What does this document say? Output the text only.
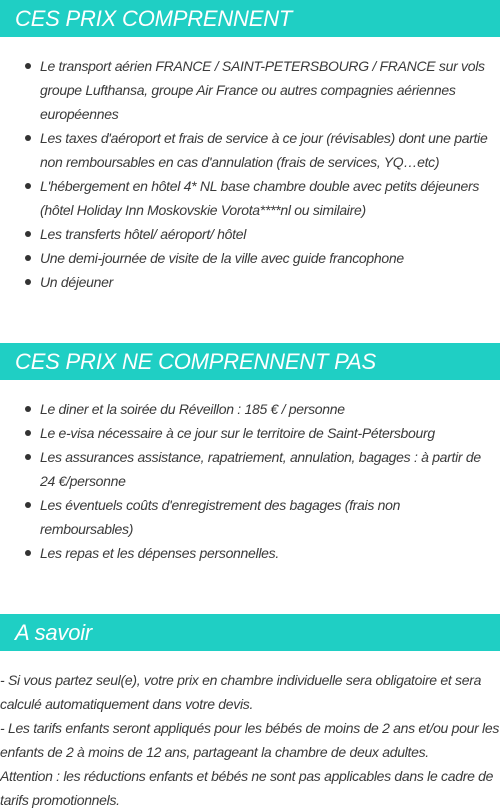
CES PRIX COMPRENNENT
Le transport aérien FRANCE / SAINT-PETERSBOURG / FRANCE sur vols groupe Lufthansa, groupe Air France ou autres compagnies aériennes européennes
Les taxes d'aéroport et frais de service à ce jour (révisables) dont une partie non remboursables en cas d'annulation (frais de services, YQ…etc)
L'hébergement en hôtel 4* NL base chambre double avec petits déjeuners (hôtel Holiday Inn Moskovskie Vorota****nl ou similaire)
Les transferts hôtel/ aéroport/ hôtel
Une demi-journée de visite de la ville avec guide francophone
Un déjeuner
CES PRIX NE COMPRENNENT PAS
Le diner et la soirée du Réveillon : 185 € / personne
Le e-visa nécessaire à ce jour sur le territoire de Saint-Pétersbourg
Les assurances assistance, rapatriement, annulation, bagages : à partir de 24 €/personne
Les éventuels coûts d'enregistrement des bagages (frais non remboursables)
Les repas et les dépenses personnelles.
A savoir

- Si vous partez seul(e), votre prix en chambre individuelle sera obligatoire et sera calculé automatiquement dans votre devis.

- Les tarifs enfants seront appliqués pour les bébés de moins de 2 ans et/ou pour les enfants de 2 à moins de 12 ans, partageant la chambre de deux adultes.

Attention : les réductions enfants et bébés ne sont pas applicables dans le cadre de tarifs promotionnels.
